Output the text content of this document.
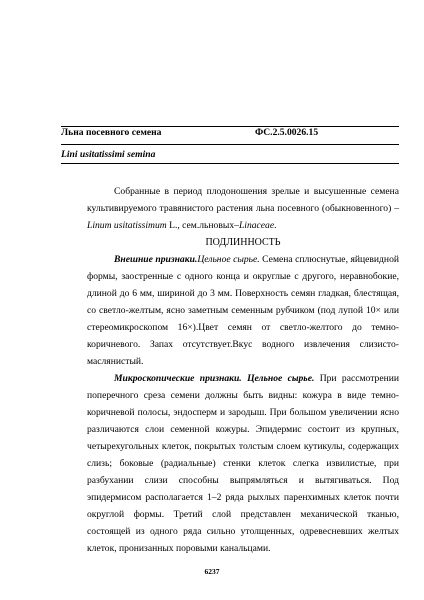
Льна посевного семена	ФС.2.5.0026.15
Lini usitatissimi semina

Собранные в период плодоношения зрелые и высушенные семена культивируемого травянистого растения льна посевного (обыкновенного) – Linum usitatissimum L., сем.льновых–Linaceae.

ПОДЛИННОСТЬ

Внешние признаки.Цельное сырье. Семена сплюснутые, яйцевидной формы, заостренные с одного конца и округлые с другого, неравнобокие, длиной до 6 мм, шириной до 3 мм. Поверхность семян гладкая, блестящая, со светло-желтым, ясно заметным семенным рубчиком (под лупой 10× или стереомикроскопом 16×).Цвет семян от светло-желтого до темно-коричневого. Запах отсутствует.Вкус водного извлечения слизисто-маслянистый.

Микроскопические признаки. Цельное сырье. При рассмотрении поперечного среза семени должны быть видны: кожура в виде темно-коричневой полосы, эндосперм и зародыш. При большом увеличении ясно различаются слои семенной кожуры. Эпидермис состоит из крупных, четырехугольных клеток, покрытых толстым слоем кутикулы, содержащих слизь; боковые (радиальные) стенки клеток слегка извилистые, при разбухании слизи способны выпрямляться и вытягиваться. Под эпидермисом располагается 1–2 ряда рыхлых паренхимных клеток почти округлой формы. Третий слой представлен механической тканью, состоящей из одного ряда сильно утолщенных, одревесневших желтых клеток, пронизанных поровыми канальцами.

6237
